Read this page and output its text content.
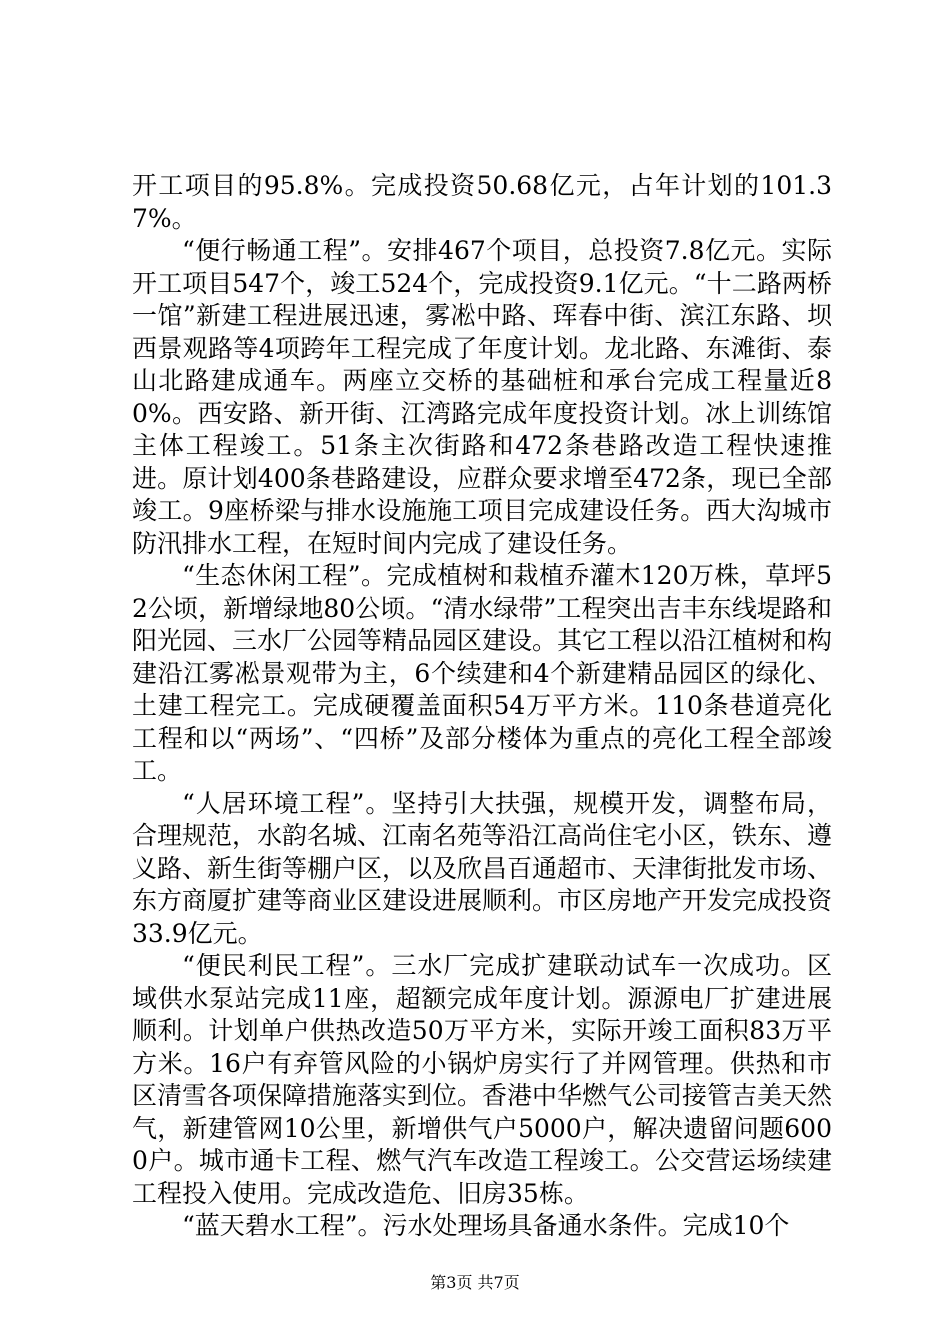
开工项目的95.8%。完成投资50.68亿元，占年计划的101.37%。

“便行畅通工程”。安排467个项目，总投资7.8亿元。实际开工项目547个，竣工524个，完成投资9.1亿元。“十二路两桥一馆”新建工程进展迅速，雾凇中路、珲春中街、滨江东路、坝西景观路等4项跨年工程完成了年度计划。龙北路、东滩街、泰山北路建成通车。两座立交桥的基础桩和承台完成工程量近80%。西安路、新开街、江湾路完成年度投资计划。冰上训练馆主体工程竣工。51条主次街路和472条巷路改造工程快速推进。原计划400条巷路建设，应群众要求增至472条，现已全部竣工。9座桥梁与排水设施施工项目完成建设任务。西大沟城市防汛排水工程，在短时间内完成了建设任务。

“生态休闲工程”。完成植树和栽植乔灌木120万株，草坪52公顷，新增绿地80公顷。“清水绿带”工程突出吉丰东线堤路和阳光园、三水厂公园等精品园区建设。其它工程以沿江植树和构建沿江雾凇景观带为主，6个续建和4个新建精品园区的绿化、土建工程完工。完成硬覆盖面积54万平方米。110条巷道亮化工程和以“两场”、“四桥”及部分楼体为重点的亮化工程全部竣工。

“人居环境工程”。坚持引大扶强，规模开发，调整布局，合理规范，水韵名城、江南名苑等沿江高尚住宅小区，铁东、遵义路、新生街等棚户区，以及欣昌百通超市、天津街批发市场、东方商厦扩建等商业区建设进展顺利。市区房地产开发完成投资33.9亿元。

“便民利民工程”。三水厂完成扩建联动试车一次成功。区域供水泵站完成11座，超额完成年度计划。源源电厂扩建进展顺利。计划单户供热改造50万平方米，实际开竣工面积83万平方米。16户有弃管风险的小锅炉房实行了并网管理。供热和市区清雪各项保障措施落实到位。香港中华燃气公司接管吉美天然气，新建管网10公里，新增供气户5000户，解决遗留问题6000户。城市通卡工程、燃气汽车改造工程竣工。公交营运场续建工程投入使用。完成改造危、旧房35栋。

“蓝天碧水工程”。污水处理场具备通水条件。完成10个

第3页 共7页
